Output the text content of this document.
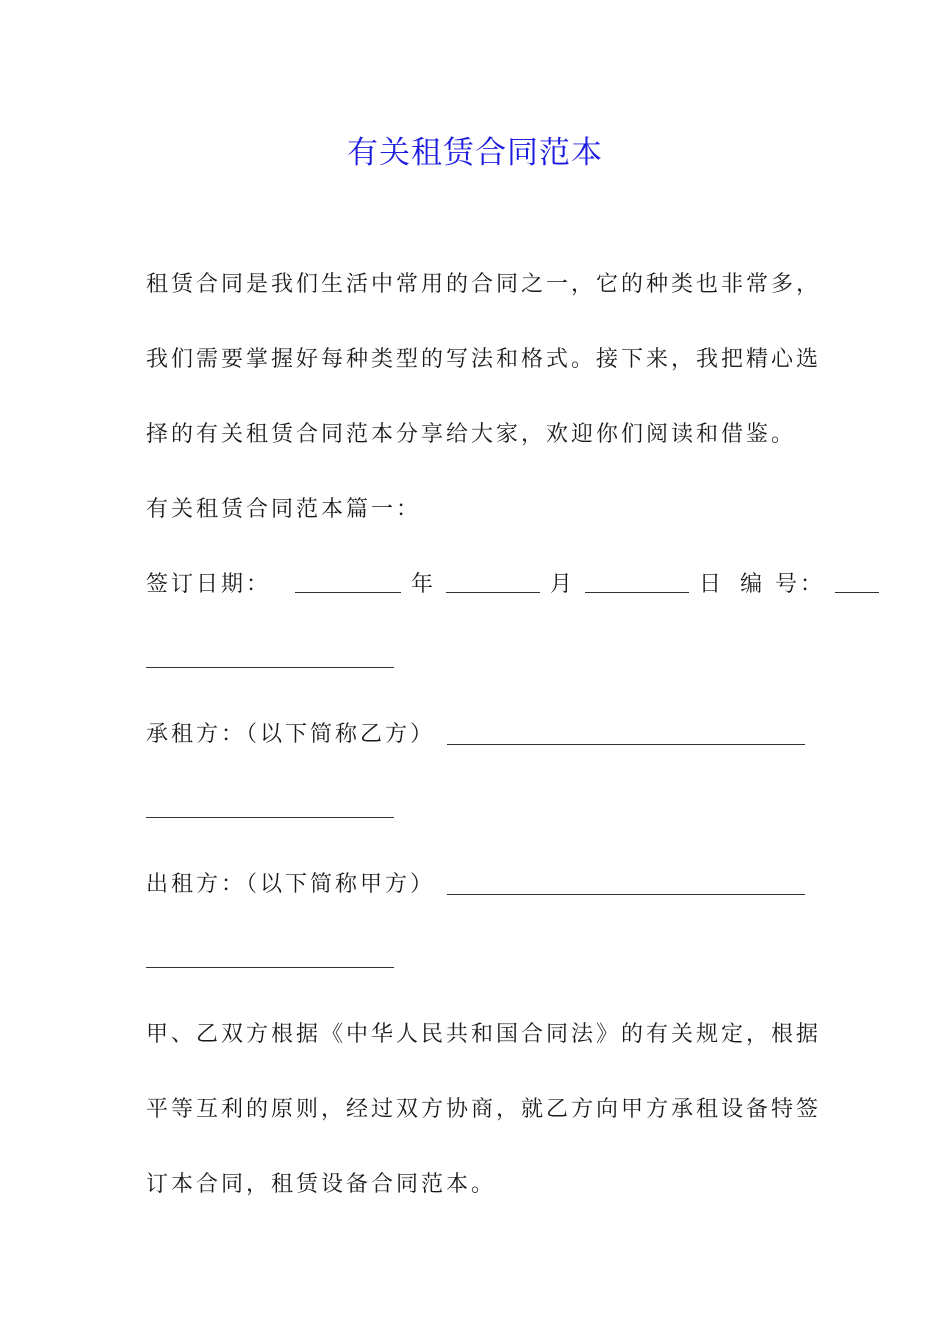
有关租赁合同范本
租赁合同是我们生活中常用的合同之一，它的种类也非常多，
我们需要掌握好每种类型的写法和格式。接下来，我把精心选
择的有关租赁合同范本分享给大家，欢迎你们阅读和借鉴。
有关租赁合同范本篇一：
签订日期：	年	月	日 编 号：
承租方：（以下简称乙方）
出租方：（以下简称甲方）
甲、乙双方根据《中华人民共和国合同法》的有关规定，根据
平等互利的原则，经过双方协商，就乙方向甲方承租设备特签
订本合同，租赁设备合同范本。
